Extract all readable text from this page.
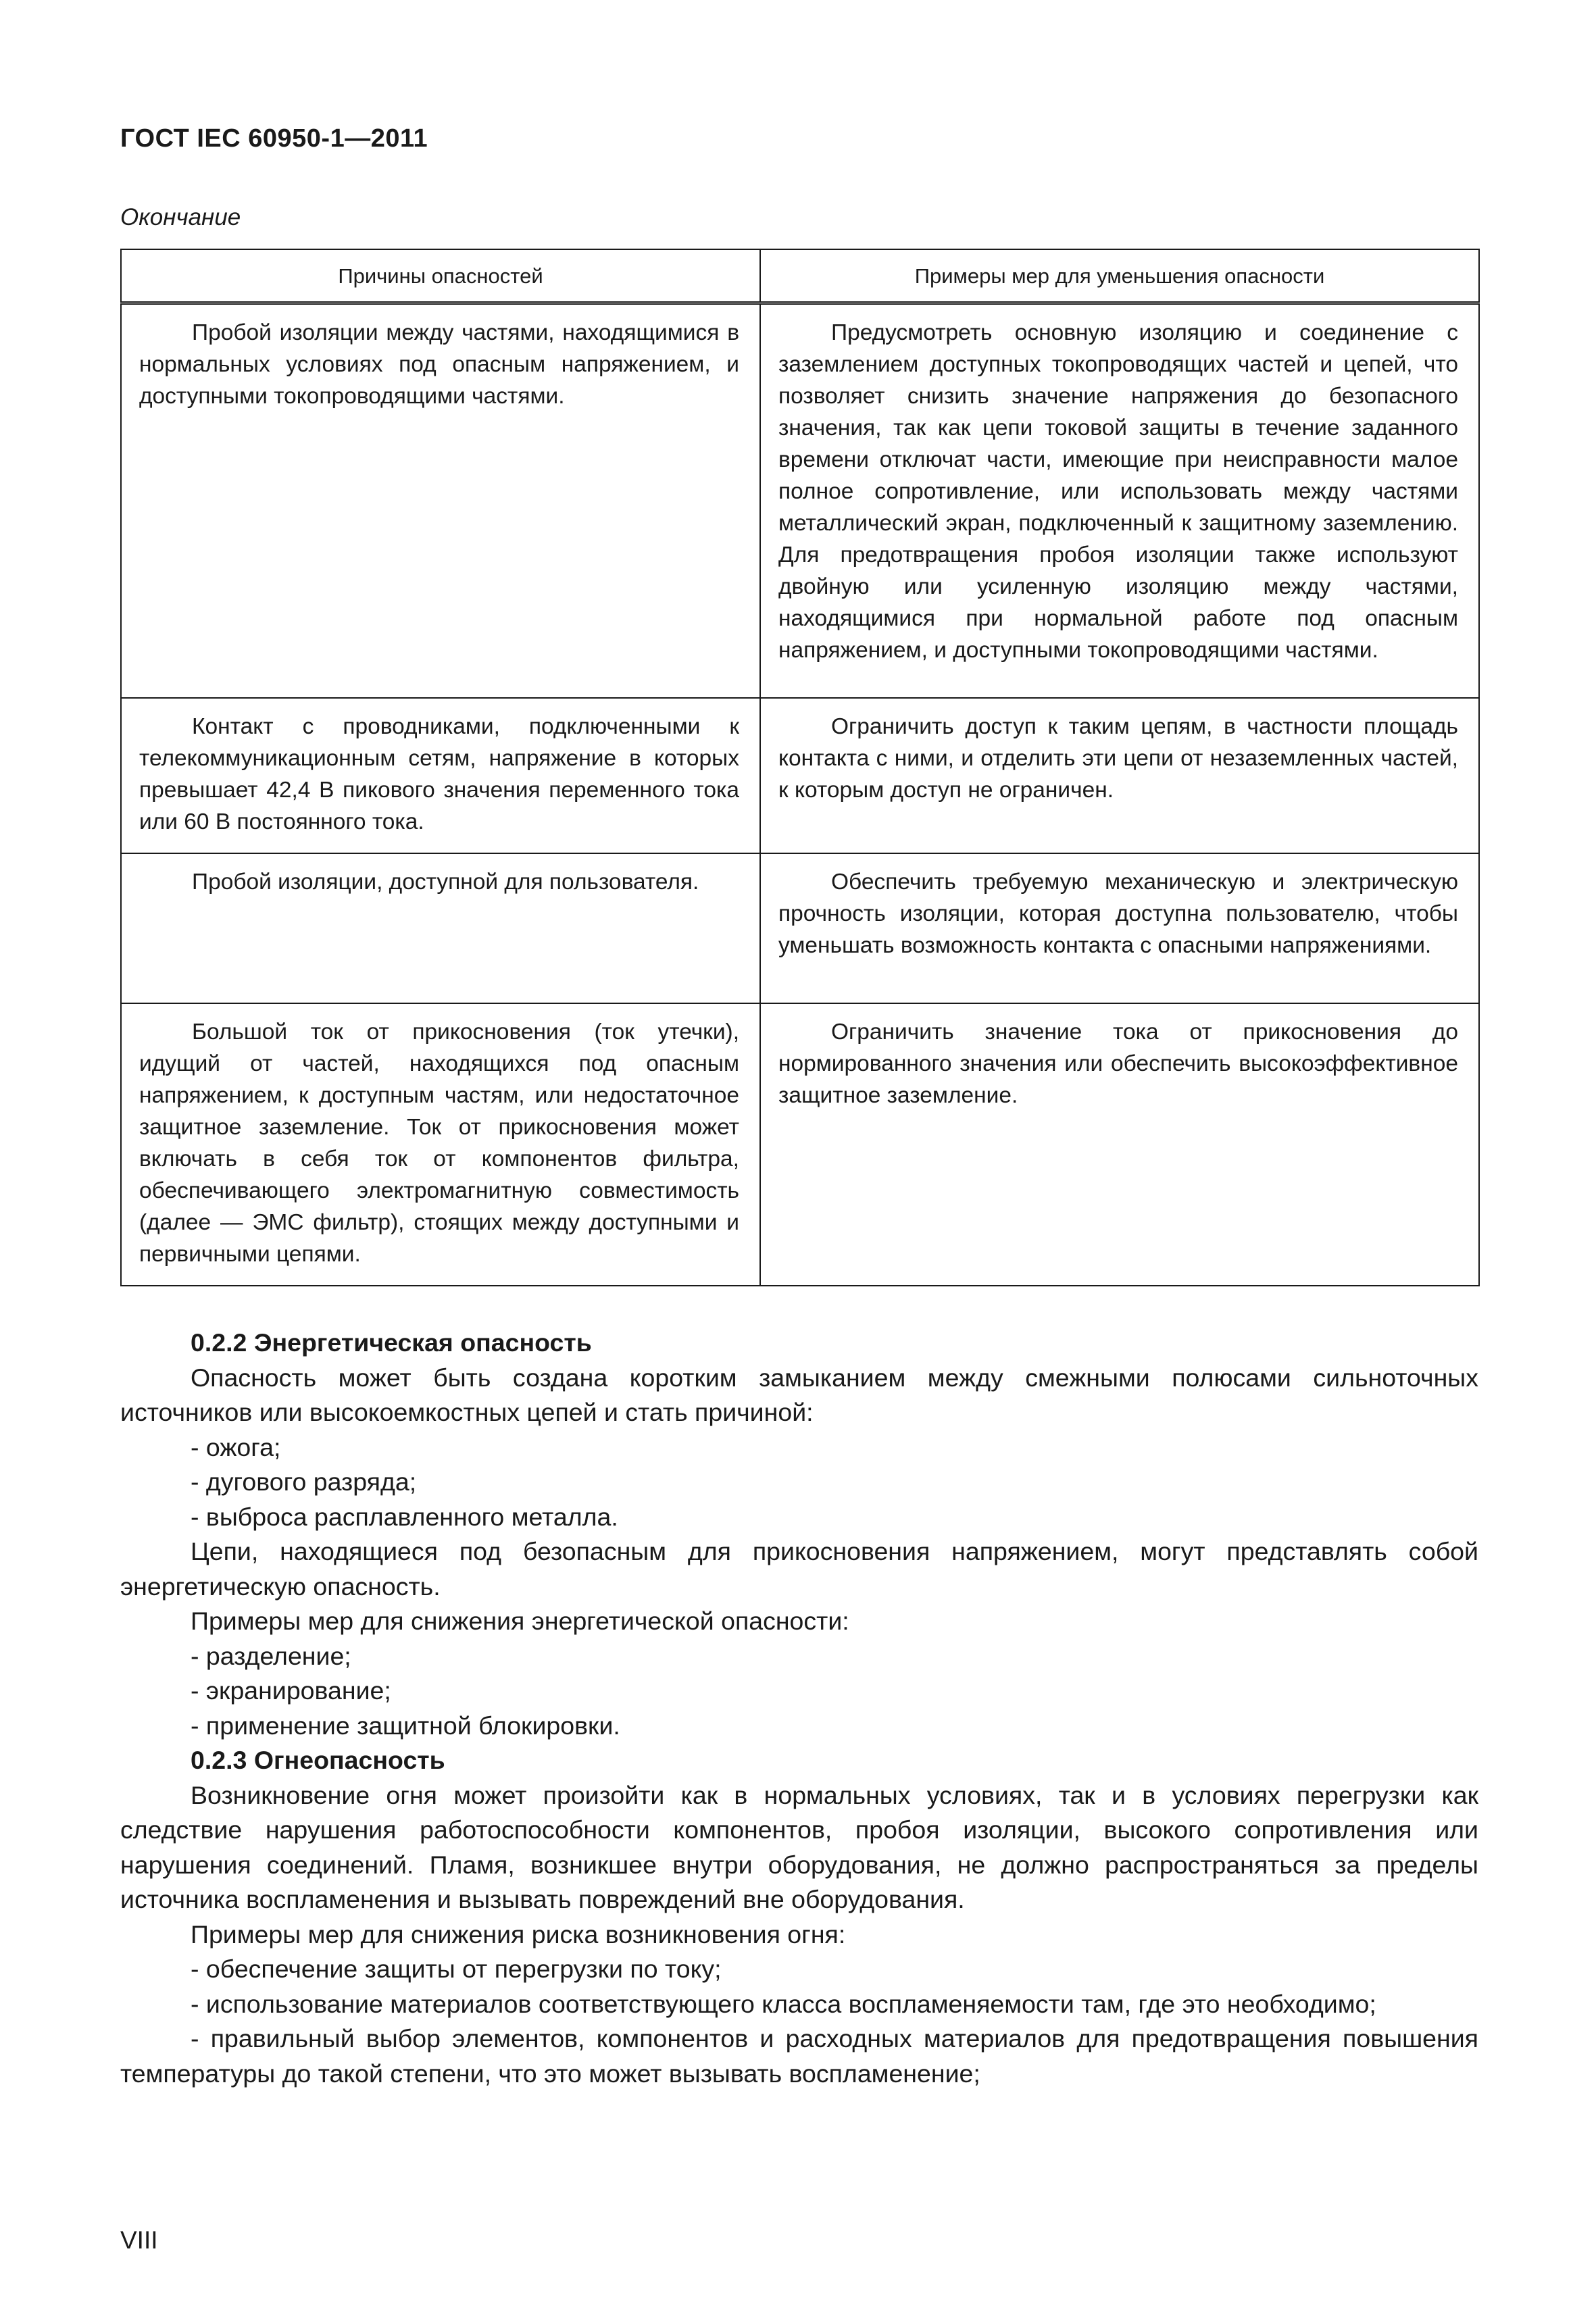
ГОСТ IEC 60950-1—2011
Окончание
Причины опасностей	Примеры мер для уменьшения опасности

Пробой изоляции между частями, находящимися в нормальных условиях под опасным напряжением, и доступными токопроводящими частями.	Предусмотреть основную изоляцию и соединение с заземлением доступных токопроводящих частей и цепей, что позволяет снизить значение напряжения до безопасного значения, так как цепи токовой защиты в течение заданного времени отключат части, имеющие при неисправности малое полное сопротивление, или использовать между частями металлический экран, подключенный к защитному заземлению. Для предотвращения пробоя изоляции также используют двойную или усиленную изоляцию между частями, находящимися при нормальной работе под опасным напряжением, и доступными токопроводящими частями.

Контакт с проводниками, подключенными к телекоммуникационным сетям, напряжение в которых превышает 42,4 В пикового значения переменного тока или 60 В постоянного тока.	Ограничить доступ к таким цепям, в частности площадь контакта с ними, и отделить эти цепи от незаземленных частей, к которым доступ не ограничен.

Пробой изоляции, доступной для пользователя.	Обеспечить требуемую механическую и электрическую прочность изоляции, которая доступна пользователю, чтобы уменьшать возможность контакта с опасными напряжениями.

Большой ток от прикосновения (ток утечки), идущий от частей, находящихся под опасным напряжением, к доступным частям, или недостаточное защитное заземление. Ток от прикосновения может включать в себя ток от компонентов фильтра, обеспечивающего электромагнитную совместимость (далее — ЭМС фильтр), стоящих между доступными и первичными цепями.	Ограничить значение тока от прикосновения до нормированного значения или обеспечить высокоэффективное защитное заземление.

0.2.2 Энергетическая опасность

Опасность может быть создана коротким замыканием между смежными полюсами сильноточных источников или высокоемкостных цепей и стать причиной:

- ожога;

- дугового разряда;

- выброса расплавленного металла.

Цепи, находящиеся под безопасным для прикосновения напряжением, могут представлять собой энергетическую опасность.

Примеры мер для снижения энергетической опасности:

- разделение;

- экранирование;

- применение защитной блокировки.

0.2.3 Огнеопасность

Возникновение огня может произойти как в нормальных условиях, так и в условиях перегрузки как следствие нарушения работоспособности компонентов, пробоя изоляции, высокого сопротивления или нарушения соединений. Пламя, возникшее внутри оборудования, не должно распространяться за пределы источника воспламенения и вызывать повреждений вне оборудования.

Примеры мер для снижения риска возникновения огня:

- обеспечение защиты от перегрузки по току;

- использование материалов соответствующего класса воспламеняемости там, где это необходимо;

- правильный выбор элементов, компонентов и расходных материалов для предотвращения повышения температуры до такой степени, что это может вызывать воспламенение;

VIII
